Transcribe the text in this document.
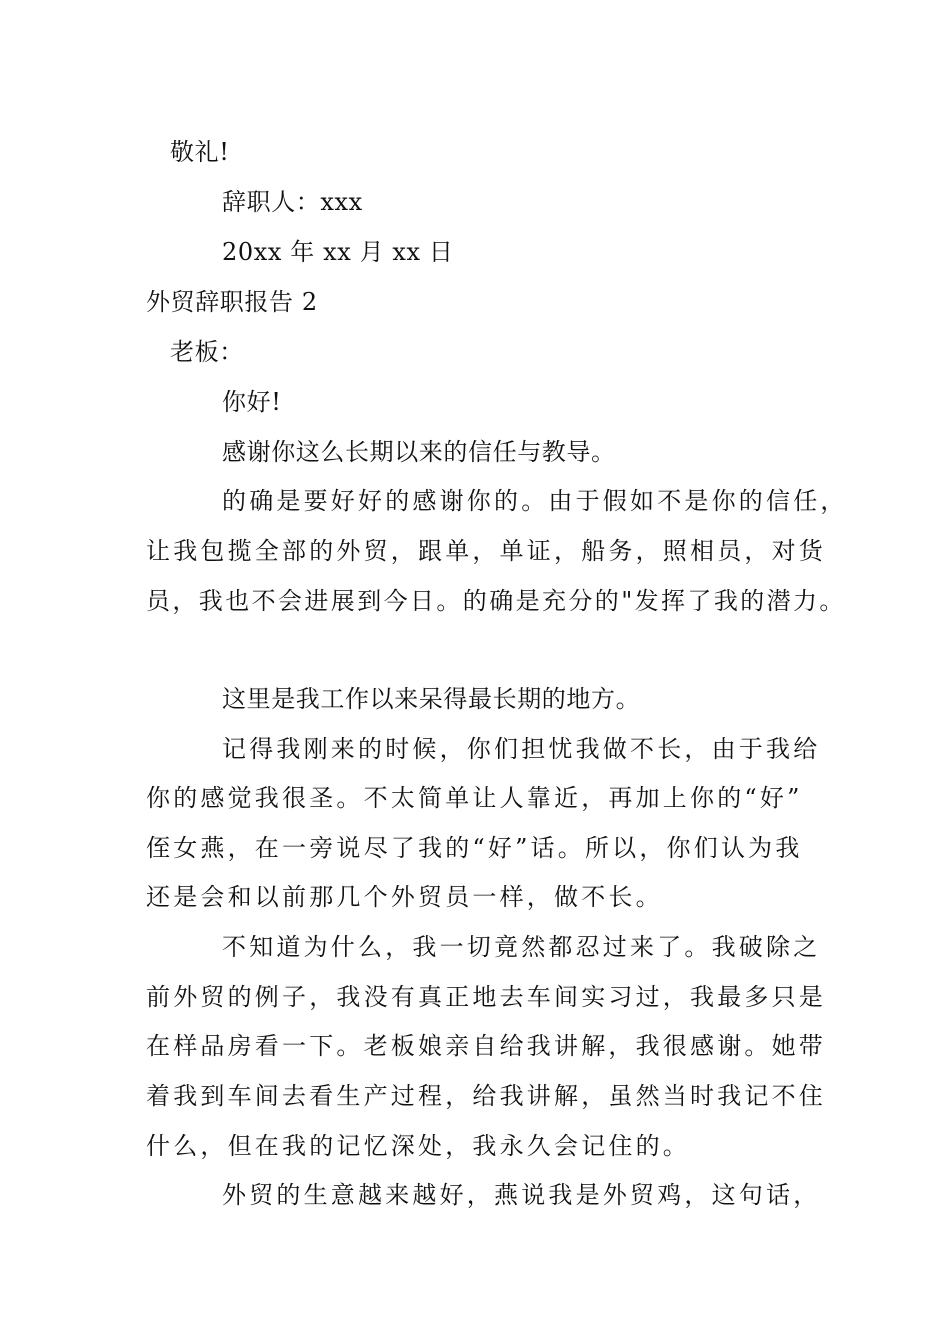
敬礼!
辞职人：xxx
20xx 年 xx 月 xx 日
外贸辞职报告 2
老板：
你好!
感谢你这么长期以来的信任与教导。
的确是要好好的感谢你的。由于假如不是你的信任，
让我包揽全部的外贸，跟单，单证，船务，照相员，对货
员，我也不会进展到今日。的确是充分的"发挥了我的潜力。
这里是我工作以来呆得最长期的地方。
记得我刚来的时候，你们担忧我做不长，由于我给
你的感觉我很圣。不太简单让人靠近，再加上你的“好”
侄女燕，在一旁说尽了我的“好”话。所以，你们认为我
还是会和以前那几个外贸员一样，做不长。
不知道为什么，我一切竟然都忍过来了。我破除之
前外贸的例子，我没有真正地去车间实习过，我最多只是
在样品房看一下。老板娘亲自给我讲解，我很感谢。她带
着我到车间去看生产过程，给我讲解，虽然当时我记不住
什么，但在我的记忆深处，我永久会记住的。
外贸的生意越来越好，燕说我是外贸鸡，这句话，
